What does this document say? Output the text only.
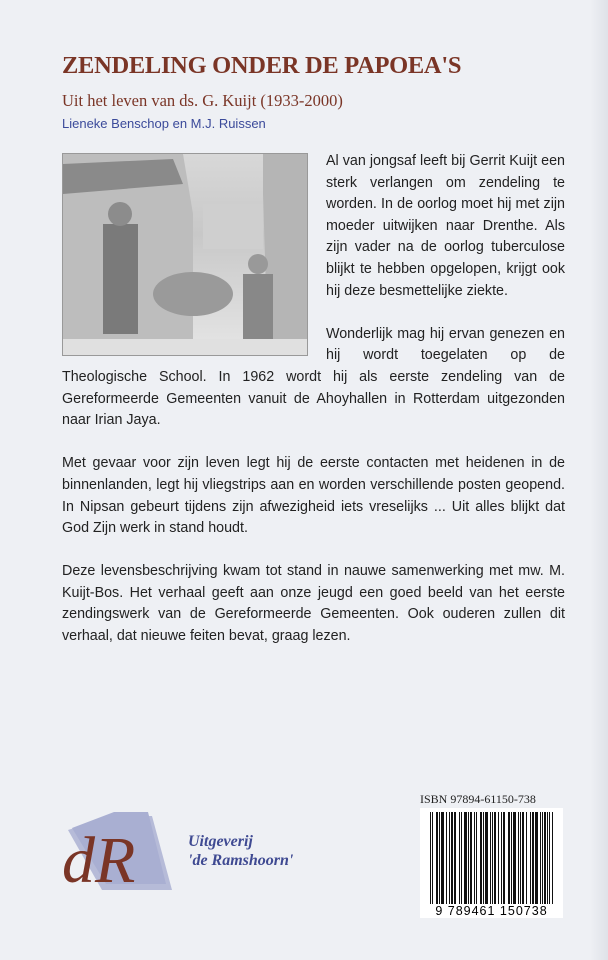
ZENDELING ONDER DE PAPOEA'S
Uit het leven van ds. G. Kuijt (1933-2000)
Lieneke Benschop en M.J. Ruissen

Al van jongsaf leeft bij Gerrit Kuijt een sterk verlangen om zendeling te worden. In de oorlog moet hij met zijn moeder uitwijken naar Drenthe. Als zijn vader na de oorlog tuberculose blijkt te hebben opgelopen, krijgt ook hij deze besmettelijke ziekte.

Wonderlijk mag hij ervan genezen en hij wordt toegelaten op de Theologische School. In 1962 wordt hij als eerste zendeling van de Gereformeerde Gemeenten vanuit de Ahoyhallen in Rotterdam uitgezonden naar Irian Jaya.

Met gevaar voor zijn leven legt hij de eerste contacten met heidenen in de binnenlanden, legt hij vliegstrips aan en worden verschillende posten geopend. In Nipsan gebeurt tijdens zijn afwezigheid iets vreselijks ... Uit alles blijkt dat God Zijn werk in stand houdt.

Deze levensbeschrijving kwam tot stand in nauwe samenwerking met mw. M. Kuijt-Bos. Het verhaal geeft aan onze jeugd een goed beeld van het eerste zendingswerk van de Gereformeerde Gemeenten. Ook ouderen zullen dit verhaal, dat nieuwe feiten bevat, graag lezen.

dR	Uitgeverij
'de Ramshoorn'
ISBN 97894-61150-738
9 789461 150738
